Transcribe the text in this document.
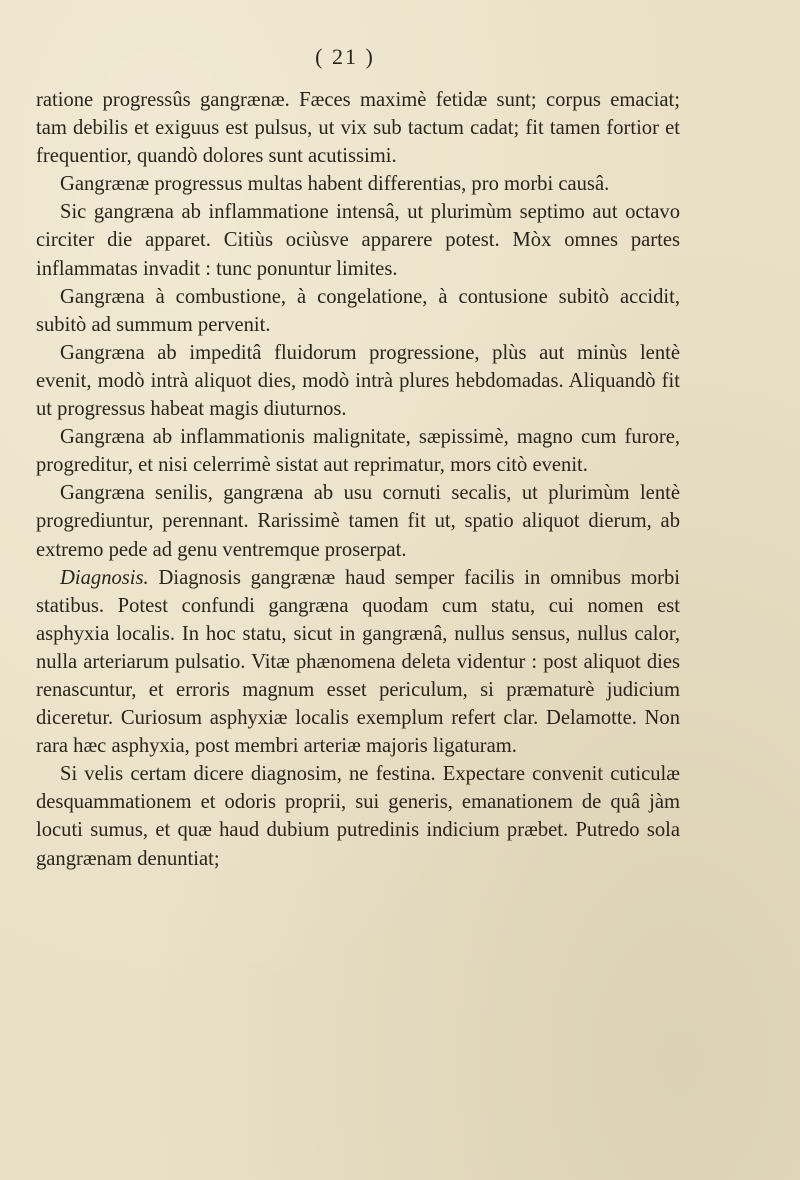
( 21 )

ratione progressûs gangrænæ. Fæces maximè fetidæ sunt; corpus emaciat; tam debilis et exiguus est pulsus, ut vix sub tactum cadat; fit tamen fortior et frequentior, quandò dolores sunt acutissimi.

Gangrænæ progressus multas habent differentias, pro morbi causâ.

Sic gangræna ab inflammatione intensâ, ut plurimùm septimo aut octavo circiter die apparet. Citiùs ociùsve apparere potest. Mòx omnes partes inflammatas invadit : tunc ponuntur limites.

Gangræna à combustione, à congelatione, à contusione subitò accidit, subitò ad summum pervenit.

Gangræna ab impeditâ fluidorum progressione, plùs aut minùs lentè evenit, modò intrà aliquot dies, modò intrà plures hebdomadas. Aliquandò fit ut progressus habeat magis diuturnos.

Gangræna ab inflammationis malignitate, sæpissimè, magno cum furore, progreditur, et nisi celerrimè sistat aut reprimatur, mors citò evenit.

Gangræna senilis, gangræna ab usu cornuti secalis, ut plurimùm lentè progrediuntur, perennant. Rarissimè tamen fit ut, spatio aliquot dierum, ab extremo pede ad genu ventremque proserpat.

Diagnosis. Diagnosis gangrænæ haud semper facilis in omnibus morbi statibus. Potest confundi gangræna quodam cum statu, cui nomen est asphyxia localis. In hoc statu, sicut in gangrænâ, nullus sensus, nullus calor, nulla arteriarum pulsatio. Vitæ phænomena deleta videntur : post aliquot dies renascuntur, et erroris magnum esset periculum, si præmaturè judicium diceretur. Curiosum asphyxiæ localis exemplum refert clar. Delamotte. Non rara hæc asphyxia, post membri arteriæ majoris ligaturam.

Si velis certam dicere diagnosim, ne festina. Expectare convenit cuticulæ desquammationem et odoris proprii, sui generis, emanationem de quâ jàm locuti sumus, et quæ haud dubium putredinis indicium præbet. Putredo sola gangrænam denuntiat;
